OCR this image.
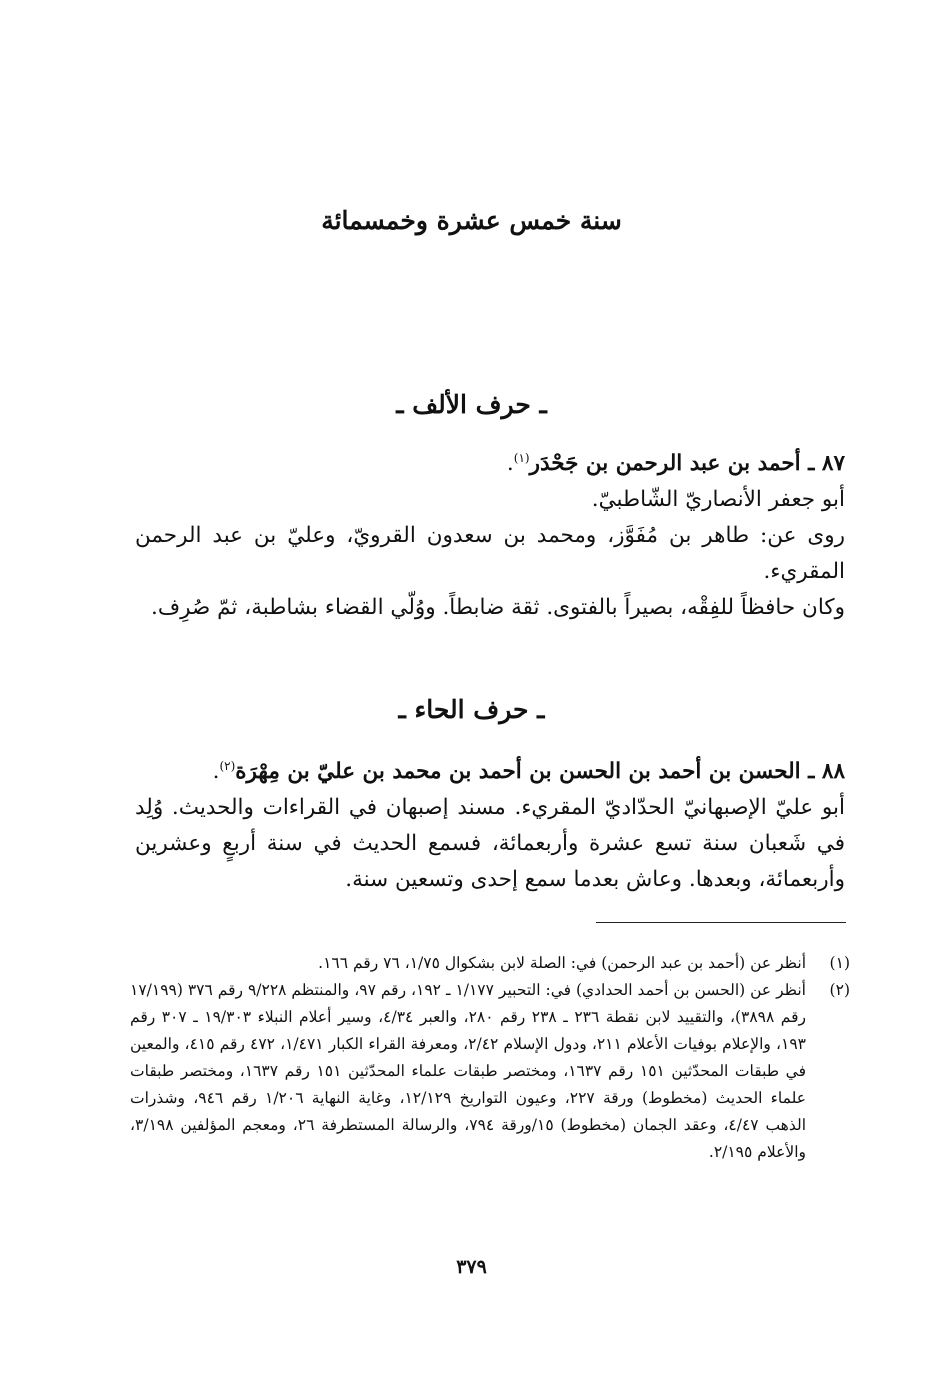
سنة خمس عشرة وخمسمائة
ـ حرف الألف ـ
٨٧ ـ أحمد بن عبد الرحمن بن جَحْدَر$^{(١)}$.
أبو جعفر الأنصاريّ الشّاطبيّ.
روى عن: طاهر بن مُفَوَّز، ومحمد بن سعدون القرويّ، وعليّ بن عبد الرحمن المقريء.
وكان حافظاً للفِقْه، بصيراً بالفتوى. ثقة ضابطاً. ووُلّي القضاء بشاطبة، ثمّ صُرِف.
ـ حرف الحاء ـ
٨٨ ـ الحسن بن أحمد بن الحسن بن أحمد بن محمد بن عليّ بن مِهْرَة$^{(٢)}$.
أبو عليّ الإصبهانيّ الحدّاديّ المقريء. مسند إصبهان في القراءات والحديث. وُلِد في شَعبان سنة تسع عشرة وأربعمائة، فسمع الحديث في سنة أربعٍ وعشرين وأربعمائة، وبعدها. وعاش بعدما سمع إحدى وتسعين سنة.
(١)
أنظر عن (أحمد بن عبد الرحمن) في: الصلة لابن بشكوال ١/٧٥، ٧٦ رقم ١٦٦.
(٢)
أنظر عن (الحسن بن أحمد الحدادي) في: التحبير ١/١٧٧ ـ ١٩٢، رقم ٩٧، والمنتظم ٩/٢٢٨ رقم ٣٧٦ (١٧/١٩٩ رقم ٣٨٩٨)، والتقييد لابن نقطة ٢٣٦ ـ ٢٣٨ رقم ٢٨٠، والعبر ٤/٣٤، وسير أعلام النبلاء ١٩/٣٠٣ ـ ٣٠٧ رقم ١٩٣، والإعلام بوفيات الأعلام ٢١١، ودول الإسلام ٢/٤٢، ومعرفة القراء الكبار ١/٤٧١، ٤٧٢ رقم ٤١٥، والمعين في طبقات المحدّثين ١٥١ رقم ١٦٣٧، ومختصر طبقات علماء المحدّثين ١٥١ رقم ١٦٣٧، ومختصر طبقات علماء الحديث (مخطوط) ورقة ٢٢٧، وعيون التواريخ ١٢/١٢٩، وغاية النهاية ١/٢٠٦ رقم ٩٤٦، وشذرات الذهب ٤/٤٧، وعقد الجمان (مخطوط) ١٥/ورقة ٧٩٤، والرسالة المستطرفة ٢٦، ومعجم المؤلفين ٣/١٩٨، والأعلام ٢/١٩٥.
٣٧٩
